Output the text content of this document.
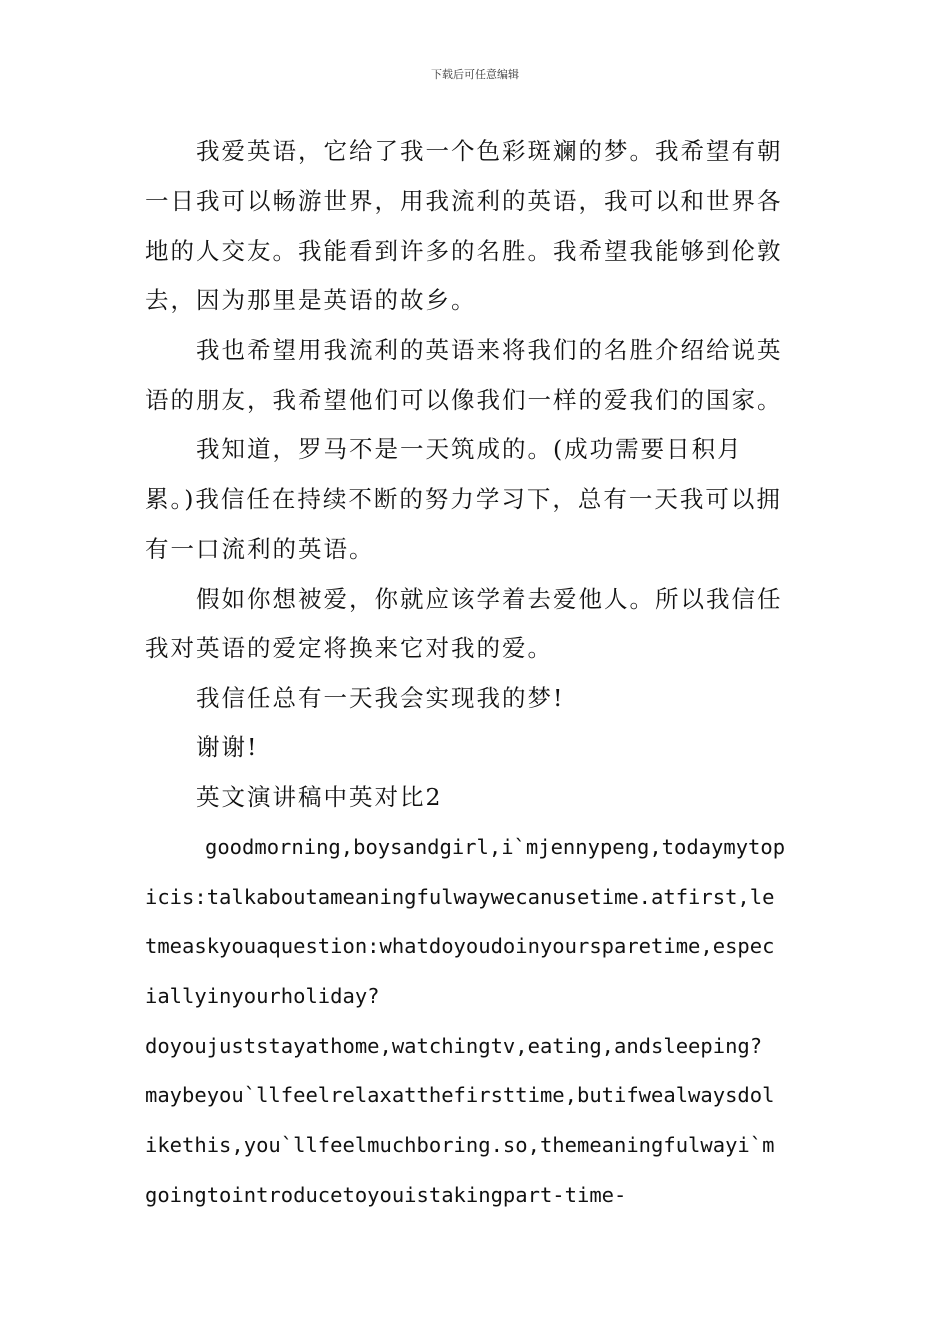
下载后可任意编辑

我爱英语，它给了我一个色彩斑斓的梦。我希望有朝

一日我可以畅游世界，用我流利的英语，我可以和世界各

地的人交友。我能看到许多的名胜。我希望我能够到伦敦

去，因为那里是英语的故乡。

我也希望用我流利的英语来将我们的名胜介绍给说英

语的朋友，我希望他们可以像我们一样的爱我们的国家。

我知道，罗马不是一天筑成的。(成功需要日积月

累。)我信任在持续不断的努力学习下，总有一天我可以拥

有一口流利的英语。

假如你想被爱，你就应该学着去爱他人。所以我信任

我对英语的爱定将换来它对我的爱。

我信任总有一天我会实现我的梦!

谢谢!

英文演讲稿中英对比2

goodmorning,boysandgirl,i`mjennypeng,todaymytop

icis:talkaboutameaningfulwaywecanusetime.atfirst,le

tmeaskyouaquestion:whatdoyoudoinyoursparetime,espec

iallyinyourholiday?

doyoujuststayathome,watchingtv,eating,andsleeping?

maybeyou`llfeelrelaxatthefirsttime,butifwealwaysdol

ikethis,you`llfeelmuchboring.so,themeaningfulwayi`m

goingtointroducetoyouistakingpart-time-
